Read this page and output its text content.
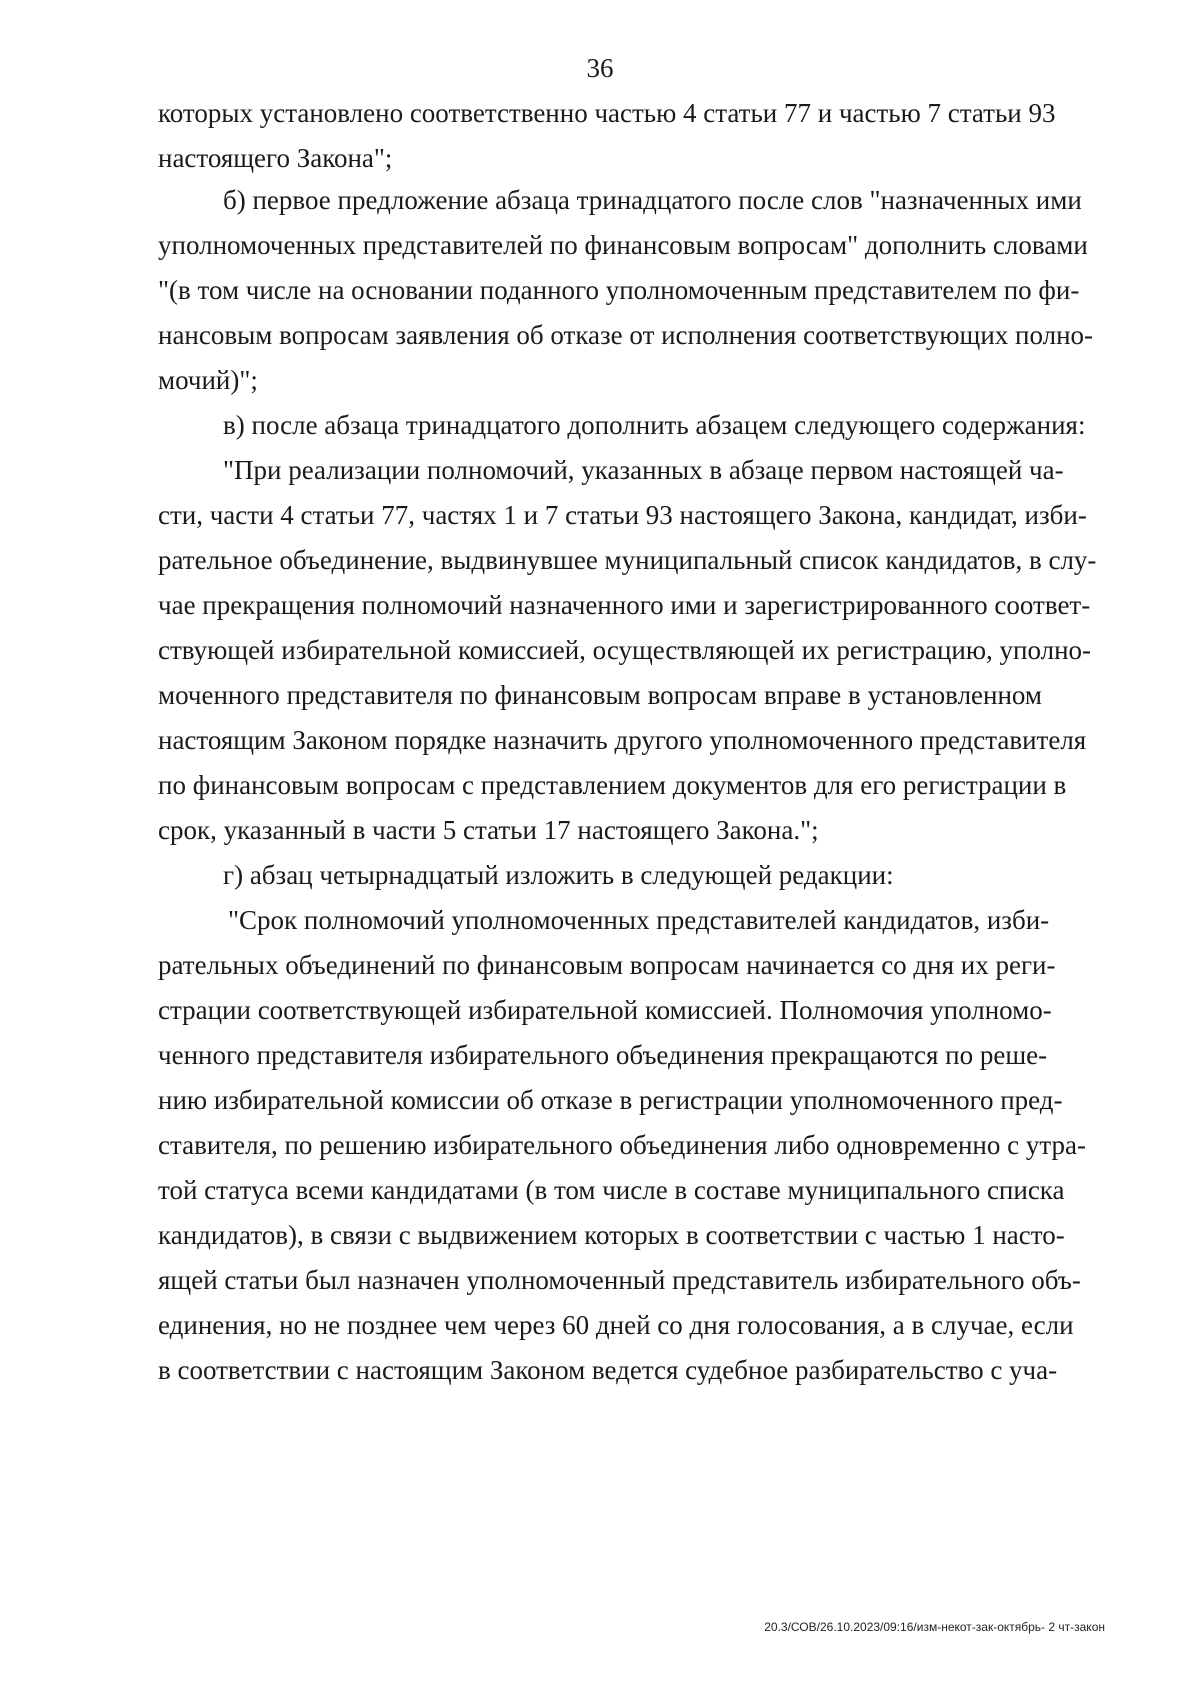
36
которых установлено соответственно частью 4 статьи 77 и частью 7 статьи 93
настоящего Закона";
б) первое предложение абзаца тринадцатого после слов "назначенных ими
уполномоченных представителей по финансовым вопросам" дополнить словами
"(в том числе на основании поданного уполномоченным представителем по фи-
нансовым вопросам заявления об отказе от исполнения соответствующих полно-
мочий)";
в) после абзаца тринадцатого дополнить абзацем следующего содержания:
"При реализации полномочий, указанных в абзаце первом настоящей ча-
сти, части 4 статьи 77, частях 1 и 7 статьи 93 настоящего Закона, кандидат, изби-
рательное объединение, выдвинувшее муниципальный список кандидатов, в слу-
чае прекращения полномочий назначенного ими и зарегистрированного соответ-
ствующей избирательной комиссией, осуществляющей их регистрацию, уполно-
моченного представителя по финансовым вопросам вправе в установленном
настоящим Законом порядке назначить другого уполномоченного представителя
по финансовым вопросам с представлением документов для его регистрации в
срок, указанный в части 5 статьи 17 настоящего Закона.";
г) абзац четырнадцатый изложить в следующей редакции:
"Срок полномочий уполномоченных представителей кандидатов, изби-
рательных объединений по финансовым вопросам начинается со дня их реги-
страции соответствующей избирательной комиссией. Полномочия уполномо-
ченного представителя избирательного объединения прекращаются по реше-
нию избирательной комиссии об отказе в регистрации уполномоченного пред-
ставителя, по решению избирательного объединения либо одновременно с утра-
той статуса всеми кандидатами (в том числе в составе муниципального списка
кандидатов), в связи с выдвижением которых в соответствии с частью 1 насто-
ящей статьи был назначен уполномоченный представитель избирательного объ-
единения, но не позднее чем через 60 дней со дня голосования, а в случае, если
в соответствии с настоящим Законом ведется судебное разбирательство с уча-
20.3/СОВ/26.10.2023/09:16/изм-некот-зак-октябрь- 2 чт-закон
